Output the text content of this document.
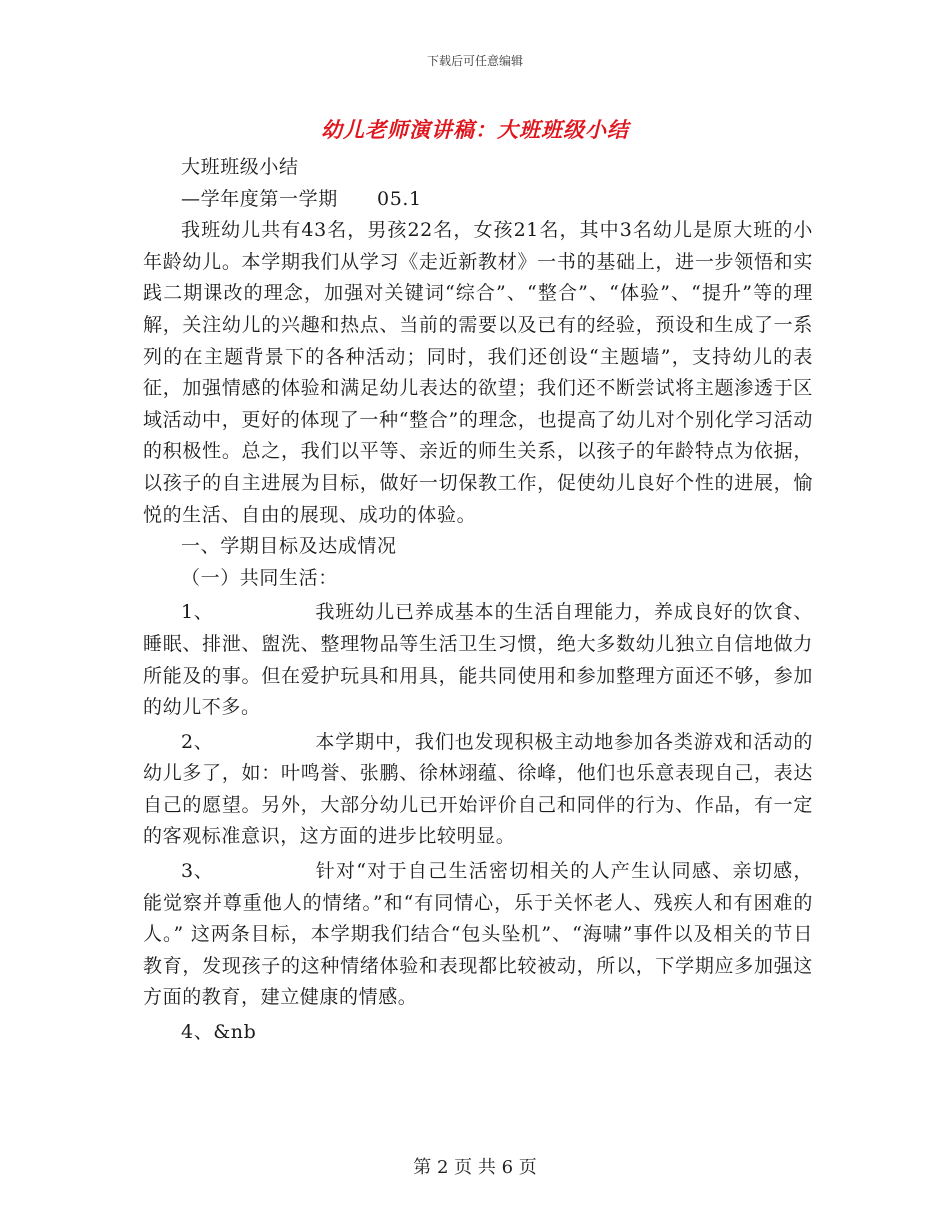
下载后可任意编辑
幼儿老师演讲稿：大班班级小结

大班班级小结

—学年度第一学期　　05.1

我班幼儿共有43名，男孩22名，女孩21名，其中3名幼儿是原大班的小年龄幼儿。本学期我们从学习《走近新教材》一书的基础上，进一步领悟和实践二期课改的理念，加强对关键词“综合”、“整合”、“体验”、“提升”等的理解，关注幼儿的兴趣和热点、当前的需要以及已有的经验，预设和生成了一系列的在主题背景下的各种活动；同时，我们还创设“主题墙”，支持幼儿的表征，加强情感的体验和满足幼儿表达的欲望；我们还不断尝试将主题渗透于区域活动中，更好的体现了一种“整合”的理念，也提高了幼儿对个别化学习活动的积极性。总之，我们以平等、亲近的师生关系，以孩子的年龄特点为依据，以孩子的自主进展为目标，做好一切保教工作，促使幼儿良好个性的进展，愉悦的生活、自由的展现、成功的体验。

一、学期目标及达成情况

（一）共同生活：

1、	我班幼儿已养成基本的生活自理能力，养成良好的饮食、睡眠、排泄、盥洗、整理物品等生活卫生习惯，绝大多数幼儿独立自信地做力所能及的事。但在爱护玩具和用具，能共同使用和参加整理方面还不够，参加的幼儿不多。

2、	本学期中，我们也发现积极主动地参加各类游戏和活动的幼儿多了，如：叶鸣誉、张鹏、徐林翊蕴、徐峰，他们也乐意表现自己，表达自己的愿望。另外，大部分幼儿已开始评价自己和同伴的行为、作品，有一定的客观标准意识，这方面的进步比较明显。

3、	针对“对于自己生活密切相关的人产生认同感、亲切感，能觉察并尊重他人的情绪。”和“有同情心，乐于关怀老人、残疾人和有困难的人。” 这两条目标，本学期我们结合“包头坠机”、“海啸”事件以及相关的节日教育，发现孩子的这种情绪体验和表现都比较被动，所以，下学期应多加强这方面的教育，建立健康的情感。

4、&nb

第 2 页 共 6 页
